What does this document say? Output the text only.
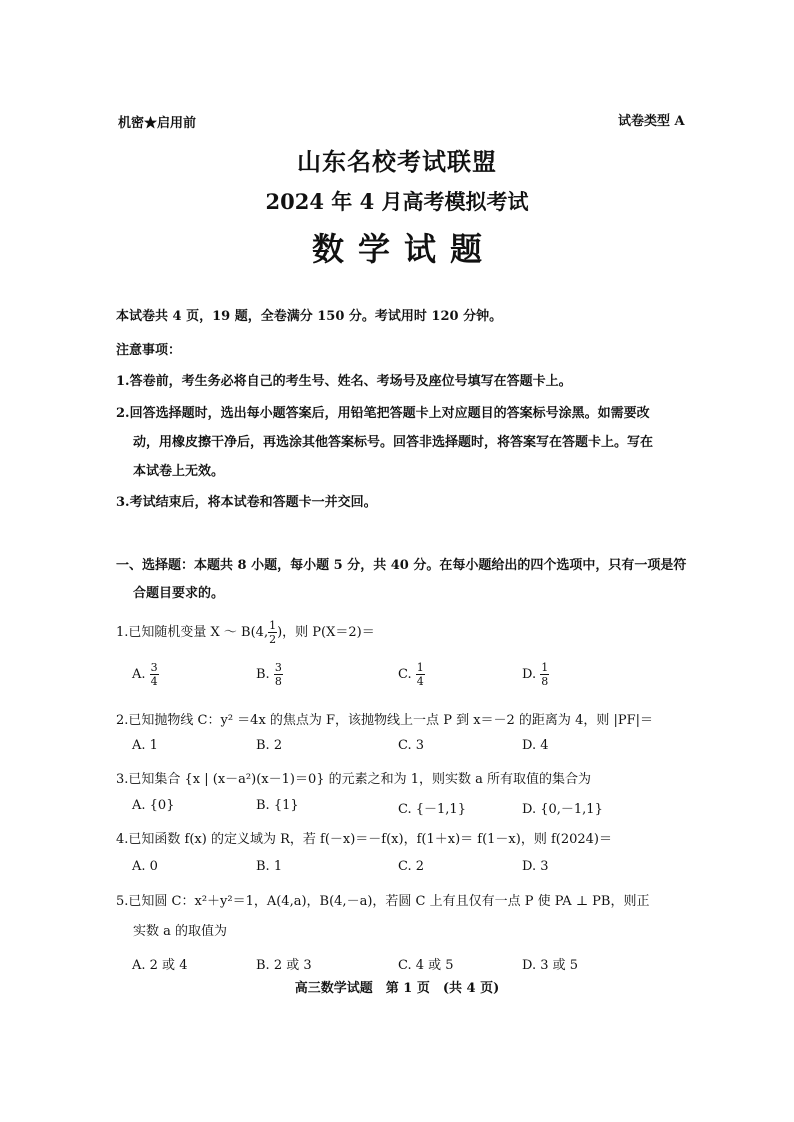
机密★启用前	试卷类型 A
山东名校考试联盟
2024 年 4 月高考模拟考试
数学试题
本试卷共 4 页，19 题，全卷满分 150 分。考试用时 120 分钟。
注意事项：
1.答卷前，考生务必将自己的考生号、姓名、考场号及座位号填写在答题卡上。
2.回答选择题时，选出每小题答案后，用铅笔把答题卡上对应题目的答案标号涂黑。如需要改
动，用橡皮擦干净后，再选涂其他答案标号。回答非选择题时，将答案写在答题卡上。写在
本试卷上无效。
3.考试结束后，将本试卷和答题卡一并交回。
一、选择题：本题共 8 小题，每小题 5 分，共 40 分。在每小题给出的四个选项中，只有一项是符
合题目要求的。
1.已知随机变量 X ～ B(4, $\frac{1}{2}$ )，则 P(X＝2)＝
A. $\frac{3}{4}$	B. $\frac{3}{8}$	C. $\frac{1}{4}$	D. $\frac{1}{8}$
2.已知抛物线 C：y² ＝4x 的焦点为 F，该抛物线上一点 P 到 x＝－2 的距离为 4，则 |PF|＝
A. 1	B. 2	C. 3	D. 4
3.已知集合 {x | (x－a²)(x－1)＝0} 的元素之和为 1，则实数 a 所有取值的集合为
A. {0}	B. {1}	C. {－1,1}	D. {0,－1,1}
4.已知函数 f(x) 的定义域为 R，若 f(－x)＝－f(x)，f(1＋x)＝ f(1－x)，则 f(2024)＝
A. 0	B. 1	C. 2	D. 3
5.已知圆 C：x²＋y²＝1，A(4,a)，B(4,－a)，若圆 C 上有且仅有一点 P 使 PA ⊥ PB，则正
实数 a 的取值为
A. 2 或 4	B. 2 或 3	C. 4 或 5	D. 3 或 5
高三数学试题　第 1 页　(共 4 页)
